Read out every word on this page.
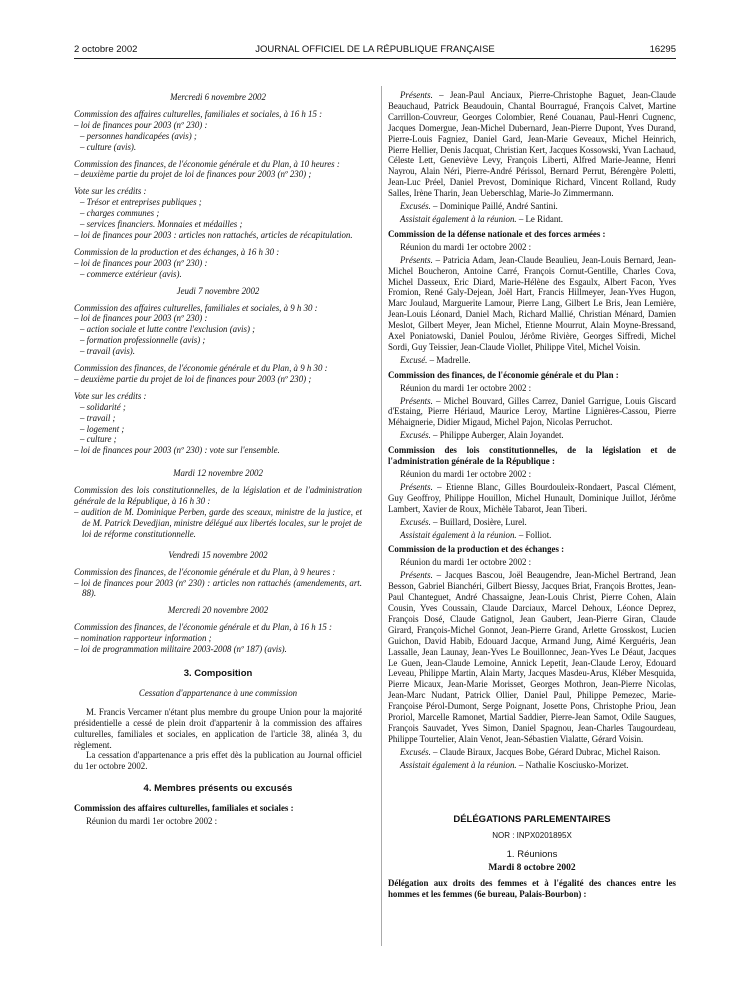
2 octobre 2002	JOURNAL OFFICIEL DE LA RÉPUBLIQUE FRANÇAISE	16295

Mercredi 6 novembre 2002

Commission des affaires culturelles, familiales et sociales, à 16 h 15 :

– loi de finances pour 2003 (nº 230) :

– personnes handicapées (avis) ;

– culture (avis).

Commission des finances, de l'économie générale et du Plan, à 10 heures :

– deuxième partie du projet de loi de finances pour 2003 (nº 230) ;

Vote sur les crédits :

– Trésor et entreprises publiques ;

– charges communes ;

– services financiers. Monnaies et médailles ;

– loi de finances pour 2003 : articles non rattachés, articles de récapitulation.

Commission de la production et des échanges, à 16 h 30 :

– loi de finances pour 2003 (nº 230) :

– commerce extérieur (avis).

Jeudi 7 novembre 2002

Commission des affaires culturelles, familiales et sociales, à 9 h 30 :

– loi de finances pour 2003 (nº 230) :

– action sociale et lutte contre l'exclusion (avis) ;

– formation professionnelle (avis) ;

– travail (avis).

Commission des finances, de l'économie générale et du Plan, à 9 h 30 :

– deuxième partie du projet de loi de finances pour 2003 (nº 230) ;

Vote sur les crédits :

– solidarité ;

– travail ;

– logement ;

– culture ;

– loi de finances pour 2003 (nº 230) : vote sur l'ensemble.

Mardi 12 novembre 2002

Commission des lois constitutionnelles, de la législation et de l'administration générale de la République, à 16 h 30 :

– audition de M. Dominique Perben, garde des sceaux, ministre de la justice, et de M. Patrick Devedjian, ministre délégué aux libertés locales, sur le projet de loi de réforme constitutionnelle.

Vendredi 15 novembre 2002

Commission des finances, de l'économie générale et du Plan, à 9 heures :

– loi de finances pour 2003 (nº 230) : articles non rattachés (amendements, art. 88).

Mercredi 20 novembre 2002

Commission des finances, de l'économie générale et du Plan, à 16 h 15 :

– nomination rapporteur information ;

– loi de programmation militaire 2003-2008 (nº 187) (avis).

3. Composition

Cessation d'appartenance à une commission

M. Francis Vercamer n'étant plus membre du groupe Union pour la majorité présidentielle a cessé de plein droit d'appartenir à la commission des affaires culturelles, familiales et sociales, en application de l'article 38, alinéa 3, du règlement.

La cessation d'appartenance a pris effet dès la publication au Journal officiel du 1er octobre 2002.

4. Membres présents ou excusés

Commission des affaires culturelles, familiales et sociales :

Réunion du mardi 1er octobre 2002 :

Présents. – Jean-Paul Anciaux, Pierre-Christophe Baguet, Jean-Claude Beauchaud, Patrick Beaudouin, Chantal Bourragué, François Calvet, Martine Carrillon-Couvreur, Georges Colombier, René Couanau, Paul-Henri Cugnenc, Jacques Domergue, Jean-Michel Dubernard, Jean-Pierre Dupont, Yves Durand, Pierre-Louis Fagniez, Daniel Gard, Jean-Marie Geveaux, Michel Heinrich, Pierre Hellier, Denis Jacquat, Christian Kert, Jacques Kossowski, Yvan Lachaud, Céleste Lett, Geneviève Levy, François Liberti, Alfred Marie-Jeanne, Henri Nayrou, Alain Néri, Pierre-André Périssol, Bernard Perrut, Bérengère Poletti, Jean-Luc Préel, Daniel Prevost, Dominique Richard, Vincent Rolland, Rudy Salles, Irène Tharin, Jean Ueberschlag, Marie-Jo Zimmermann.

Excusés. – Dominique Paillé, André Santini.

Assistait également à la réunion. – Le Ridant.

Commission de la défense nationale et des forces armées :

Réunion du mardi 1er octobre 2002 :

Présents. – Patricia Adam, Jean-Claude Beaulieu, Jean-Louis Bernard, Jean-Michel Boucheron, Antoine Carré, François Cornut-Gentille, Charles Cova, Michel Dasseux, Eric Diard, Marie-Hélène des Esgaulx, Albert Facon, Yves Fromion, René Galy-Dejean, Joël Hart, Francis Hillmeyer, Jean-Yves Hugon, Marc Joulaud, Marguerite Lamour, Pierre Lang, Gilbert Le Bris, Jean Lemière, Jean-Louis Léonard, Daniel Mach, Richard Mallié, Christian Ménard, Damien Meslot, Gilbert Meyer, Jean Michel, Etienne Mourrut, Alain Moyne-Bressand, Axel Poniatowski, Daniel Poulou, Jérôme Rivière, Georges Siffredi, Michel Sordi, Guy Teissier, Jean-Claude Viollet, Philippe Vitel, Michel Voisin.

Excusé. – Madrelle.

Commission des finances, de l'économie générale et du Plan :

Réunion du mardi 1er octobre 2002 :

Présents. – Michel Bouvard, Gilles Carrez, Daniel Garrigue, Louis Giscard d'Estaing, Pierre Hériaud, Maurice Leroy, Martine Lignières-Cassou, Pierre Méhaignerie, Didier Migaud, Michel Pajon, Nicolas Perruchot.

Excusés. – Philippe Auberger, Alain Joyandet.

Commission des lois constitutionnelles, de la législation et de l'administration générale de la République :

Réunion du mardi 1er octobre 2002 :

Présents. – Etienne Blanc, Gilles Bourdouleix-Rondaert, Pascal Clément, Guy Geoffroy, Philippe Houillon, Michel Hunault, Dominique Juillot, Jérôme Lambert, Xavier de Roux, Michèle Tabarot, Jean Tiberi.

Excusés. – Buillard, Dosière, Lurel.

Assistait également à la réunion. – Folliot.

Commission de la production et des échanges :

Réunion du mardi 1er octobre 2002 :

Présents. – Jacques Bascou, Joël Beaugendre, Jean-Michel Bertrand, Jean Besson, Gabriel Bianchéri, Gilbert Biessy, Jacques Briat, François Brottes, Jean-Paul Chanteguet, André Chassaigne, Jean-Louis Christ, Pierre Cohen, Alain Cousin, Yves Coussain, Claude Darciaux, Marcel Dehoux, Léonce Deprez, François Dosé, Claude Gatignol, Jean Gaubert, Jean-Pierre Giran, Claude Girard, François-Michel Gonnot, Jean-Pierre Grand, Arlette Grosskost, Lucien Guichon, David Habib, Edouard Jacque, Armand Jung, Aimé Kerguéris, Jean Lassalle, Jean Launay, Jean-Yves Le Bouillonnec, Jean-Yves Le Déaut, Jacques Le Guen, Jean-Claude Lemoine, Annick Lepetit, Jean-Claude Leroy, Edouard Leveau, Philippe Martin, Alain Marty, Jacques Masdeu-Arus, Kléber Mesquida, Pierre Micaux, Jean-Marie Morisset, Georges Mothron, Jean-Pierre Nicolas, Jean-Marc Nudant, Patrick Ollier, Daniel Paul, Philippe Pemezec, Marie-Françoise Pérol-Dumont, Serge Poignant, Josette Pons, Christophe Priou, Jean Proriol, Marcelle Ramonet, Martial Saddier, Pierre-Jean Samot, Odile Saugues, François Sauvadet, Yves Simon, Daniel Spagnou, Jean-Charles Taugourdeau, Philippe Tourtelier, Alain Venot, Jean-Sébastien Vialatte, Gérard Voisin.

Excusés. – Claude Biraux, Jacques Bobe, Gérard Dubrac, Michel Raison.

Assistait également à la réunion. – Nathalie Kosciusko-Morizet.

DÉLÉGATIONS PARLEMENTAIRES

NOR : INPX0201895X

1. Réunions

Mardi 8 octobre 2002

Délégation aux droits des femmes et à l'égalité des chances entre les hommes et les femmes (6e bureau, Palais-Bourbon) :
